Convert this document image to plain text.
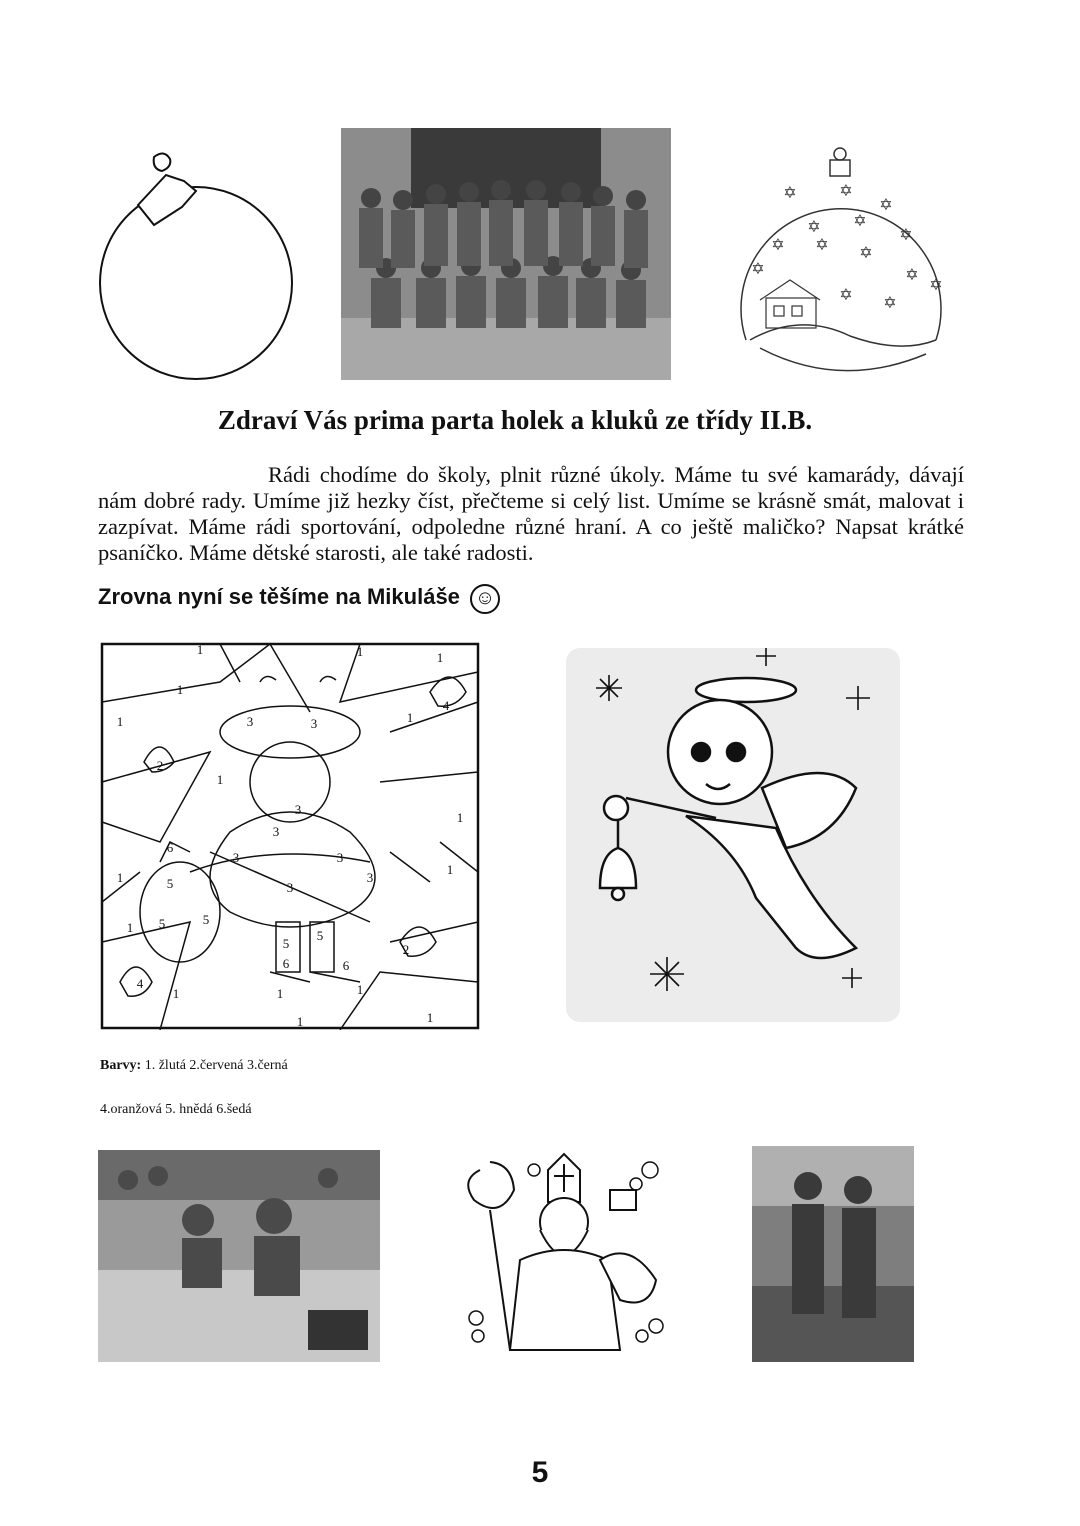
✡	✡
✡
✡ ✡
✡
✡ ✡ ✡
✡
✡
✡ ✡
✡
Zdraví Vás prima parta holek a kluků ze třídy II.B.
Rádi chodíme do školy, plnit různé úkoly. Máme tu své kamarády, dávají nám dobré rady. Umíme již hezky číst, přečteme si celý list. Umíme se krásně smát, malovat i zazpívat. Máme rádi sportování, odpoledne různé hraní. A co ještě maličko? Napsat krátké psaníčko. Máme dětské starosti, ale také radosti.
Zrovna nyní se těšíme na Mikuláše ☺
1	1	1
1
1
1
2
1
3	3
3
3
3	3
3
3
4
6
5
5	5
1
1
5
5
6	6
2
4
1	1	1
1	1
1
1
Barvy: 1. žlutá 2.červená 3.černá
4.oranžová 5. hnědá 6.šedá
5
